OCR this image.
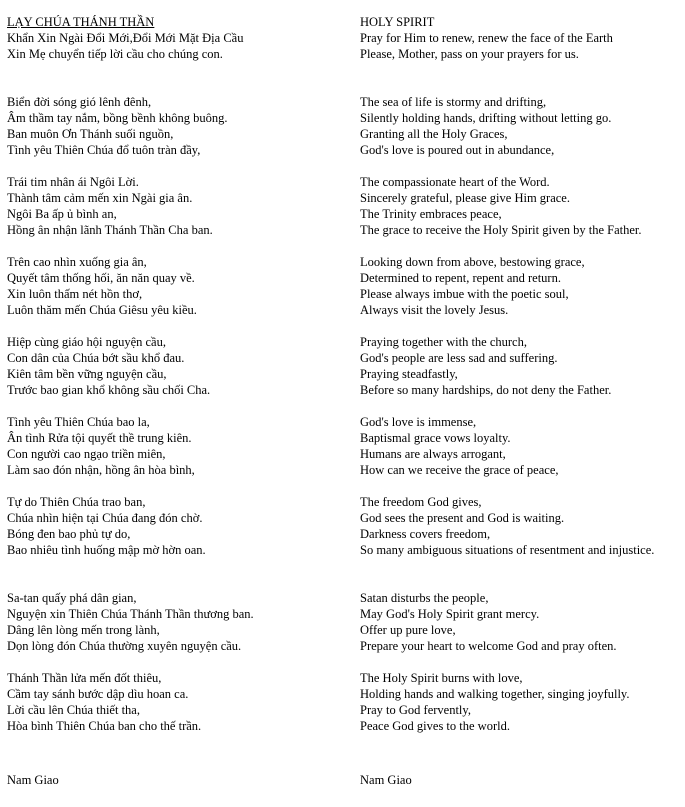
LẠY CHÚA THÁNH THẦN
Khẩn Xin Ngài Đổi Mới,Đổi Mới Mặt Địa Cầu
Xin Mẹ chuyển tiếp lời cầu cho chúng con.
Biển đời sóng gió lênh đênh,
Âm thầm tay nắm, bồng bềnh không buông.
Ban muôn Ơn Thánh suối nguồn,
Tình yêu Thiên Chúa đổ tuôn tràn đầy,
Trái tim nhân ái Ngôi Lời.
Thành tâm cảm mến xin Ngài gia ân.
Ngôi Ba ấp ủ bình an,
Hồng ân nhận lãnh Thánh Thần Cha ban.
Trên cao nhìn xuống gia ân,
Quyết tâm thống hối, ăn năn quay về.
Xin luôn thấm nét hồn thơ,
Luôn thăm mến Chúa Giêsu yêu kiều.
Hiệp cùng giáo hội nguyện cầu,
Con dân của Chúa bớt sầu khổ đau.
Kiên tâm bền vững nguyện cầu,
Trước bao gian khổ không sầu chối Cha.
Tình yêu Thiên Chúa bao la,
Ân tình Rửa tội quyết thề trung kiên.
Con người cao ngạo triền miên,
Làm sao đón nhận, hồng ân hòa bình,
Tự do Thiên Chúa trao ban,
Chúa nhìn hiện tại Chúa đang đón chờ.
Bóng đen bao phủ tự do,
Bao nhiêu tình huống mập mờ hờn oan.
Sa-tan quấy phá dân gian,
Nguyện xin Thiên Chúa Thánh Thần thương ban.
Dâng lên lòng mến trong lành,
Dọn lòng đón Chúa thường xuyên nguyện cầu.
Thánh Thần lửa mến đốt thiêu,
Cầm tay sánh bước dập dìu hoan ca.
Lời cầu lên Chúa thiết tha,
Hòa bình Thiên Chúa ban cho thế trần.
HOLY SPIRIT
Pray for Him to renew, renew the face of the Earth
Please, Mother, pass on your prayers for us.
The sea of life is stormy and drifting,
Silently holding hands, drifting without letting go.
Granting all the Holy Graces,
God's love is poured out in abundance,
The compassionate heart of the Word.
Sincerely grateful, please give Him grace.
The Trinity embraces peace,
The grace to receive the Holy Spirit given by the Father.
Looking down from above, bestowing grace,
Determined to repent, repent and return.
Please always imbue with the poetic soul,
Always visit the lovely Jesus.
Praying together with the church,
God's people are less sad and suffering.
Praying steadfastly,
Before so many hardships, do not deny the Father.
God's love is immense,
Baptismal grace vows loyalty.
Humans are always arrogant,
How can we receive the grace of peace,
The freedom God gives,
God sees the present and God is waiting.
Darkness covers freedom,
So many ambiguous situations of resentment and injustice.
Satan disturbs the people,
May God's Holy Spirit grant mercy.
Offer up pure love,
Prepare your heart to welcome God and pray often.
The Holy Spirit burns with love,
Holding hands and walking together, singing joyfully.
Pray to God fervently,
Peace God gives to the world.
Nam Giao	Nam Giao
